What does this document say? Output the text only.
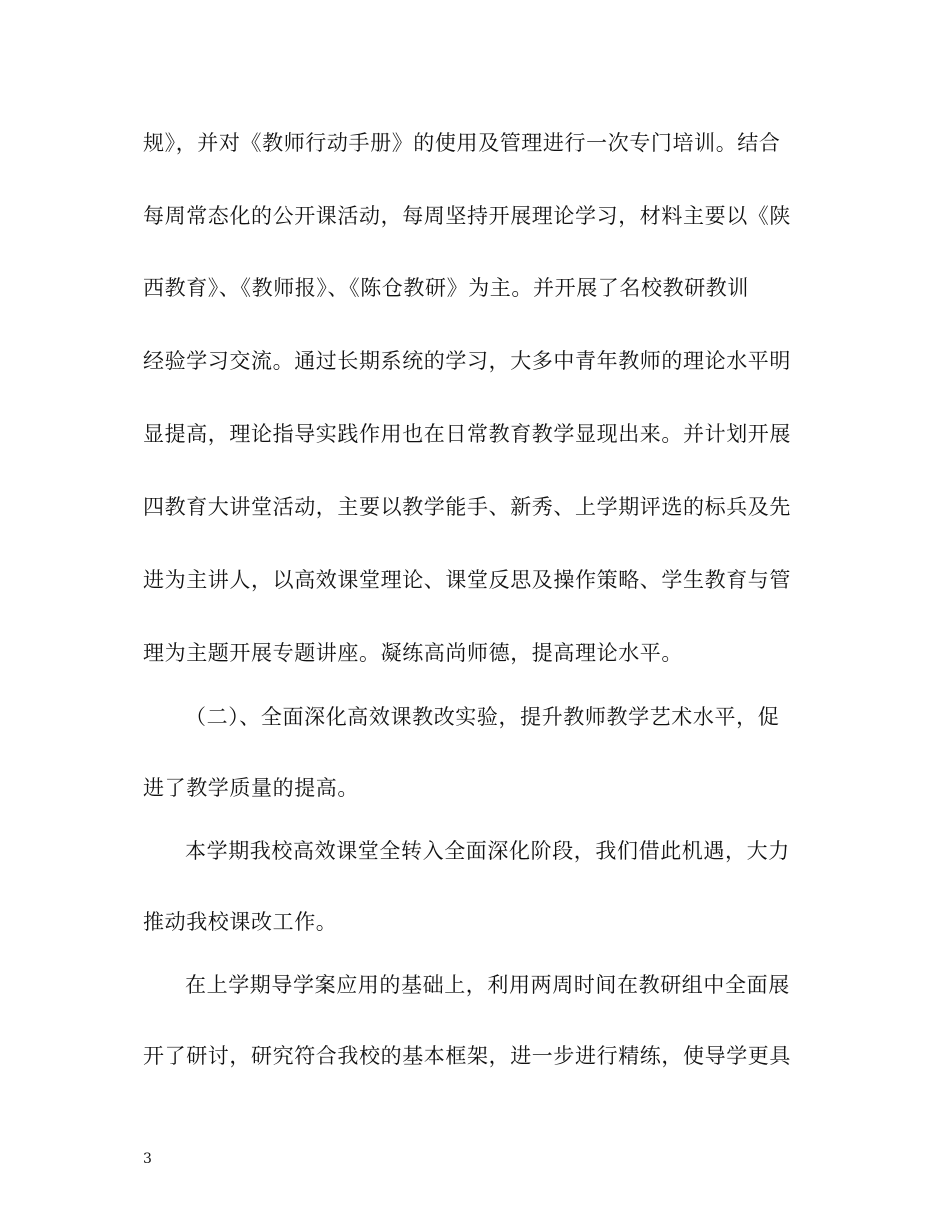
规》，并对《教师行动手册》的使用及管理进行一次专门培训。结合
每周常态化的公开课活动，每周坚持开展理论学习，材料主要以《陕
西教育》、《教师报》、《陈仓教研》为主。并开展了名校教研教训
经验学习交流。通过长期系统的学习，大多中青年教师的理论水平明
显提高，理论指导实践作用也在日常教育教学显现出来。并计划开展
四教育大讲堂活动，主要以教学能手、新秀、上学期评选的标兵及先
进为主讲人，以高效课堂理论、课堂反思及操作策略、学生教育与管
理为主题开展专题讲座。凝练高尚师德，提高理论水平。
（二）、全面深化高效课教改实验，提升教师教学艺术水平，促
进了教学质量的提高。
本学期我校高效课堂全转入全面深化阶段，我们借此机遇，大力
推动我校课改工作。
在上学期导学案应用的基础上，利用两周时间在教研组中全面展
开了研讨，研究符合我校的基本框架，进一步进行精练，使导学更具
3
